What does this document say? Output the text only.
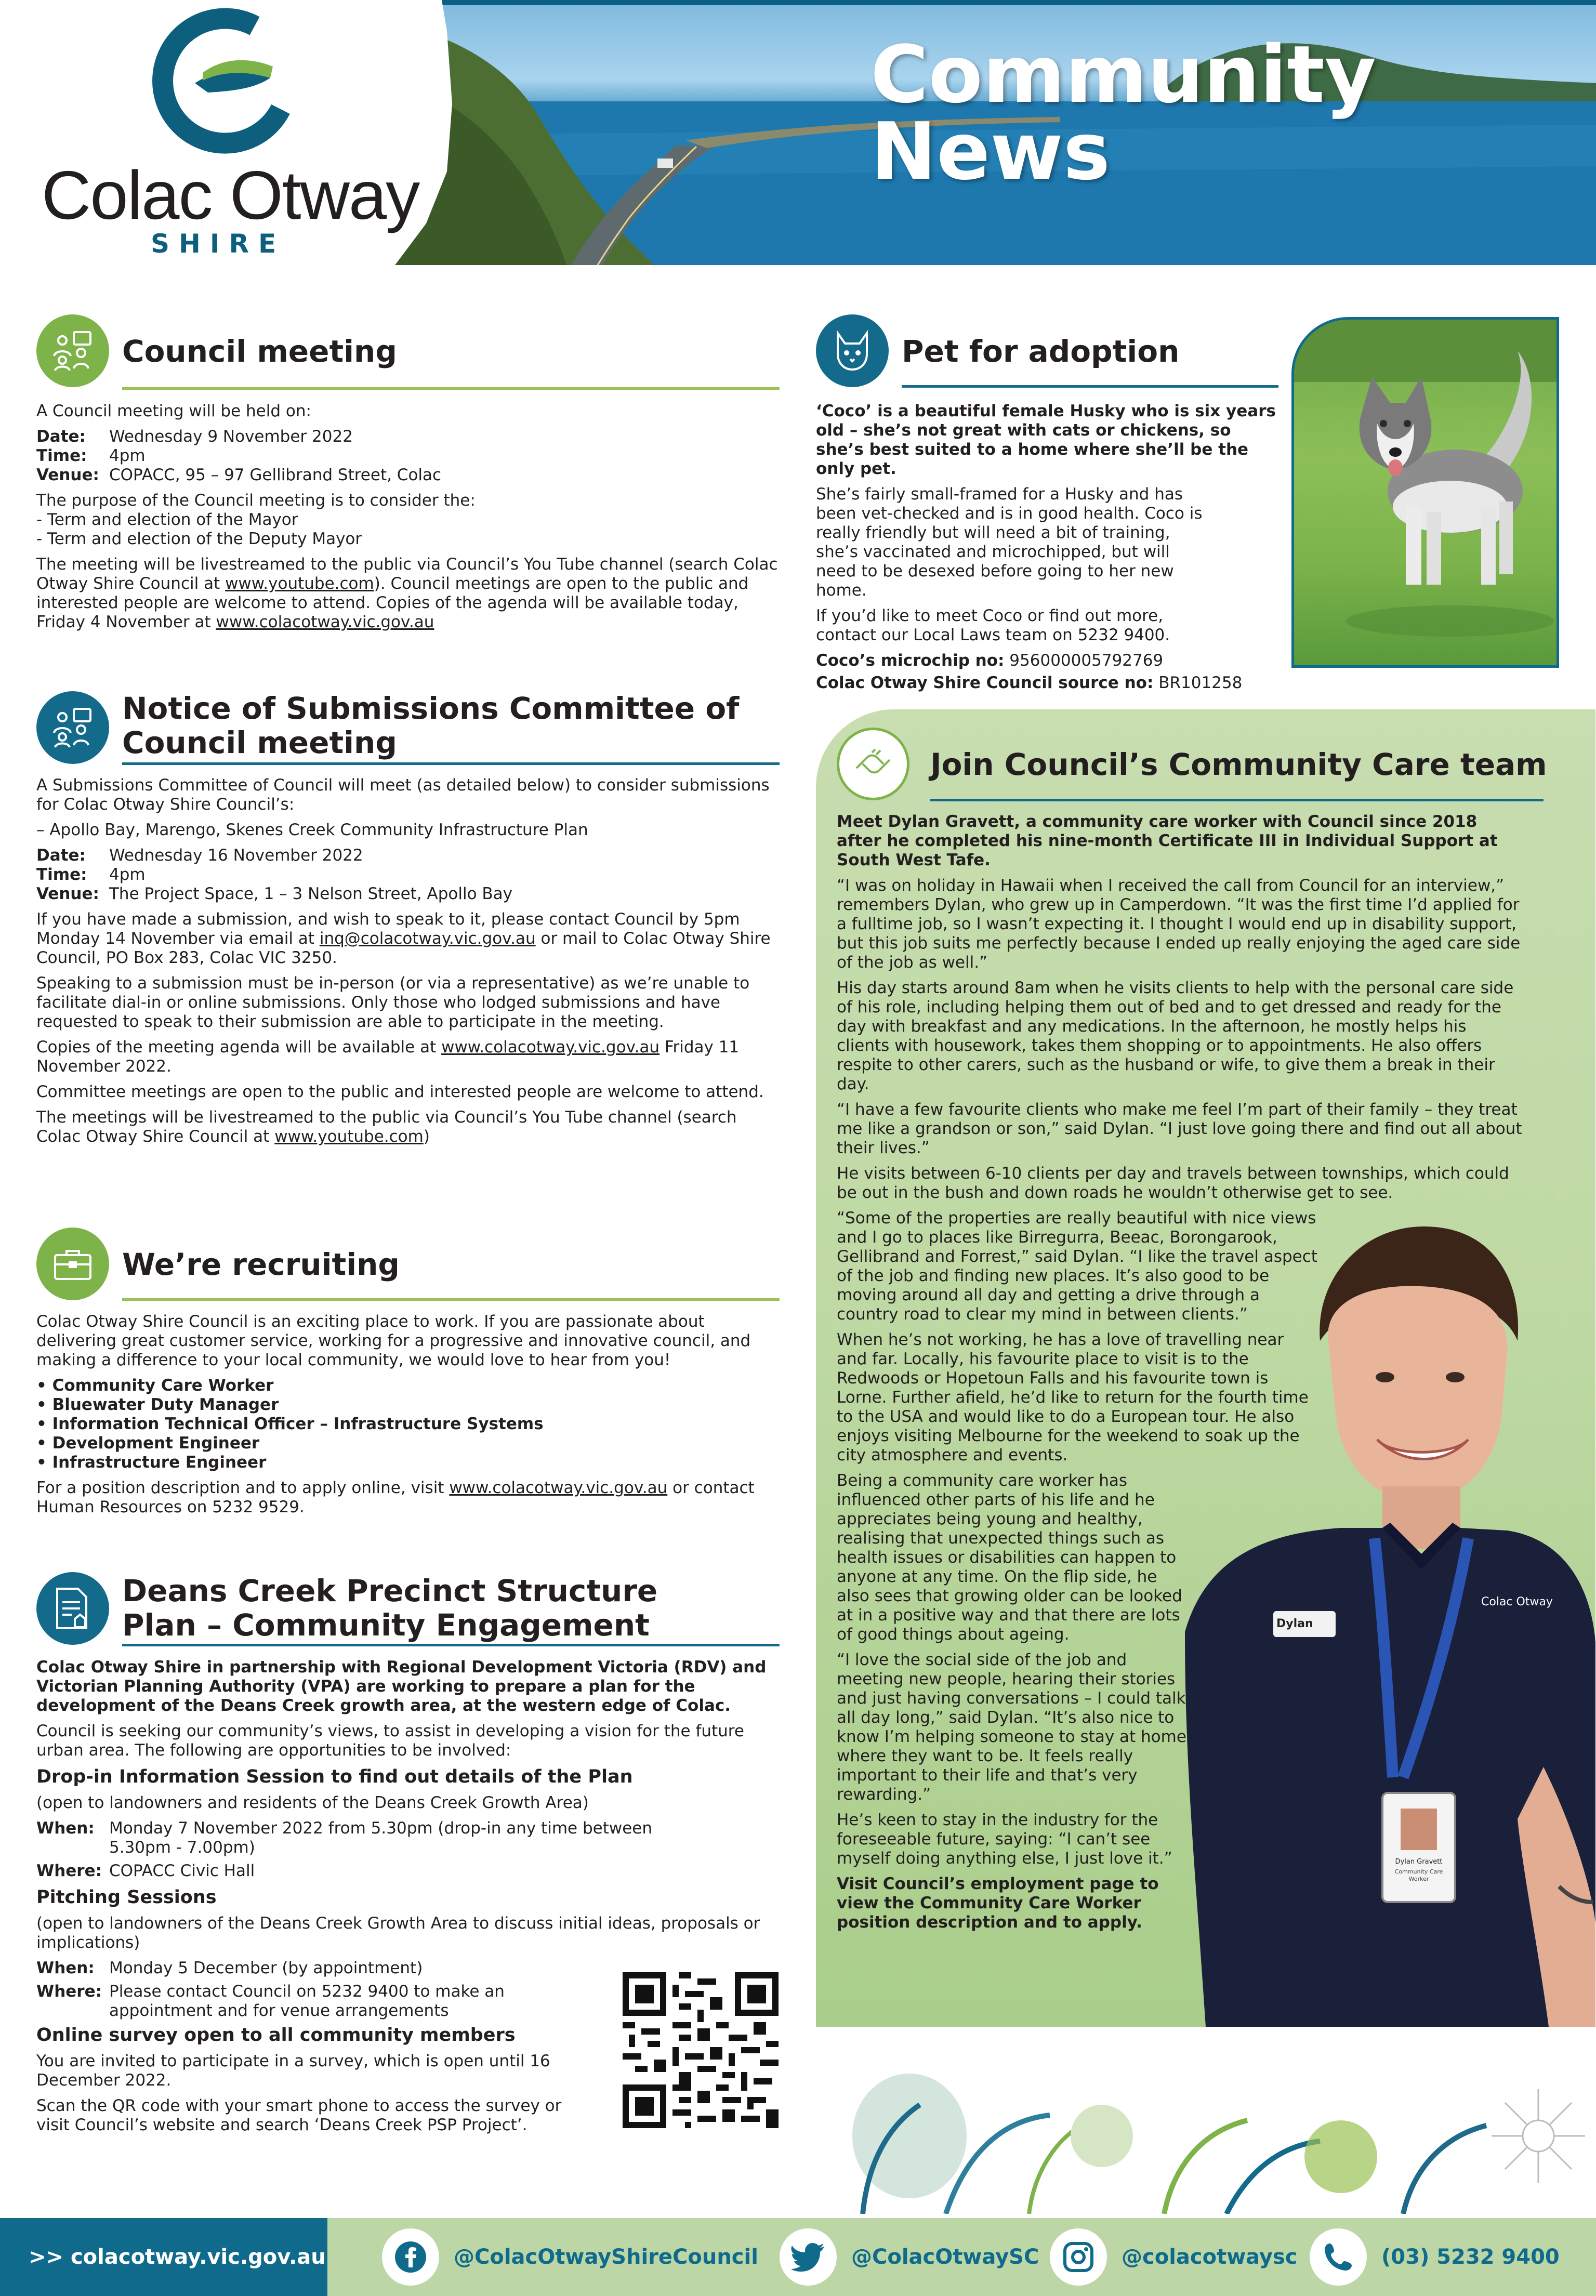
Community
News

Colac Otway

SHIRE

Council meeting

A Council meeting will be held on:

Date:	Wednesday 9 November 2022
Time:	4pm
Venue: COPACC, 95 – 97 Gellibrand Street, Colac

The purpose of the Council meeting is to consider the:

- Term and election of the Mayor

- Term and election of the Deputy Mayor

The meeting will be livestreamed to the public via Council’s You Tube channel (search Colac Otway Shire Council at www.youtube.com). Council meetings are open to the public and interested people are welcome to attend. Copies of the agenda will be available today, Friday 4 November at www.colacotway.vic.gov.au

Notice of Submissions Committee of Council meeting

A Submissions Committee of Council will meet (as detailed below) to consider submissions for Colac Otway Shire Council’s:

– Apollo Bay, Marengo, Skenes Creek Community Infrastructure Plan

Date:	Wednesday 16 November 2022
Time:	4pm
Venue: The Project Space, 1 – 3 Nelson Street, Apollo Bay

If you have made a submission, and wish to speak to it, please contact Council by 5pm Monday 14 November via email at inq@colacotway.vic.gov.au or mail to Colac Otway Shire Council, PO Box 283, Colac VIC 3250.

Speaking to a submission must be in-person (or via a representative) as we’re unable to facilitate dial-in or online submissions. Only those who lodged submissions and have requested to speak to their submission are able to participate in the meeting.

Copies of the meeting agenda will be available at www.colacotway.vic.gov.au Friday 11 November 2022.

Committee meetings are open to the public and interested people are welcome to attend.

The meetings will be livestreamed to the public via Council’s You Tube channel (search Colac Otway Shire Council at www.youtube.com)

We’re recruiting

Colac Otway Shire Council is an exciting place to work. If you are passionate about delivering great customer service, working for a progressive and innovative council, and making a difference to your local community, we would love to hear from you!

• Community Care Worker
• Bluewater Duty Manager
• Information Technical Officer – Infrastructure Systems
• Development Engineer
• Infrastructure Engineer

For a position description and to apply online, visit www.colacotway.vic.gov.au or contact Human Resources on 5232 9529.

Deans Creek Precinct Structure Plan – Community Engagement

Colac Otway Shire in partnership with Regional Development Victoria (RDV) and Victorian Planning Authority (VPA) are working to prepare a plan for the development of the Deans Creek growth area, at the western edge of Colac.

Council is seeking our community’s views, to assist in developing a vision for the future urban area. The following are opportunities to be involved:

Drop-in Information Session to find out details of the Plan

(open to landowners and residents of the Deans Creek Growth Area)

When: Monday 7 November 2022 from 5.30pm (drop-in any time between 5.30pm - 7.00pm)
Where: COPACC Civic Hall

Pitching Sessions

(open to landowners of the Deans Creek Growth Area to discuss initial ideas, proposals or implications)

When: Monday 5 December (by appointment)
Where: Please contact Council on 5232 9400 to make an appointment and for venue arrangements

Online survey open to all community members

You are invited to participate in a survey, which is open until 16 December 2022.

Scan the QR code with your smart phone to access the survey or visit Council’s website and search ‘Deans Creek PSP Project’.

Pet for adoption

‘Coco’ is a beautiful female Husky who is six years old – she’s not great with cats or chickens, so she’s best suited to a home where she’ll be the only pet.

She’s fairly small-framed for a Husky and has been vet-checked and is in good health. Coco is really friendly but will need a bit of training, she’s vaccinated and microchipped, but will need to be desexed before going to her new home.

If you’d like to meet Coco or find out more, contact our Local Laws team on 5232 9400.

Coco’s microchip no: 956000005792769

Colac Otway Shire Council source no: BR101258

Dylan
Colac Otway
Dylan Gravett
Community Care Worker
Join Council’s Community Care team

Meet Dylan Gravett, a community care worker with Council since 2018 after he completed his nine-month Certificate III in Individual Support at South West Tafe.

“I was on holiday in Hawaii when I received the call from Council for an interview,” remembers Dylan, who grew up in Camperdown. “It was the first time I’d applied for a fulltime job, so I wasn’t expecting it. I thought I would end up in disability support, but this job suits me perfectly because I ended up really enjoying the aged care side of the job as well.”

His day starts around 8am when he visits clients to help with the personal care side of his role, including helping them out of bed and to get dressed and ready for the day with breakfast and any medications. In the afternoon, he mostly helps his clients with housework, takes them shopping or to appointments. He also offers respite to other carers, such as the husband or wife, to give them a break in their day.

“I have a few favourite clients who make me feel I’m part of their family – they treat me like a grandson or son,” said Dylan. “I just love going there and find out all about their lives.”

He visits between 6-10 clients per day and travels between townships, which could be out in the bush and down roads he wouldn’t otherwise get to see.

“Some of the properties are really beautiful with nice views and I go to places like Birregurra, Beeac, Borongarook, Gellibrand and Forrest,” said Dylan. “I like the travel aspect of the job and finding new places. It’s also good to be moving around all day and getting a drive through a country road to clear my mind in between clients.”

When he’s not working, he has a love of travelling near and far. Locally, his favourite place to visit is to the Redwoods or Hopetoun Falls and his favourite town is Lorne. Further afield, he’d like to return for the fourth time to the USA and would like to do a European tour. He also enjoys visiting Melbourne for the weekend to soak up the city atmosphere and events.

Being a community care worker has influenced other parts of his life and he appreciates being young and healthy, realising that unexpected things such as health issues or disabilities can happen to anyone at any time. On the flip side, he also sees that growing older can be looked at in a positive way and that there are lots of good things about ageing.

“I love the social side of the job and meeting new people, hearing their stories and just having conversations – I could talk all day long,” said Dylan. “It’s also nice to know I’m helping someone to stay at home where they want to be. It feels really important to their life and that’s very rewarding.”

He’s keen to stay in the industry for the foreseeable future, saying: “I can’t see myself doing anything else, I just love it.”

Visit Council’s employment page to view the Community Care Worker position description and to apply.

>> colacotway.vic.gov.au	@ColacOtwayShireCouncil	@ColacOtwaySC	@colacotwaysc	(03) 5232 9400
